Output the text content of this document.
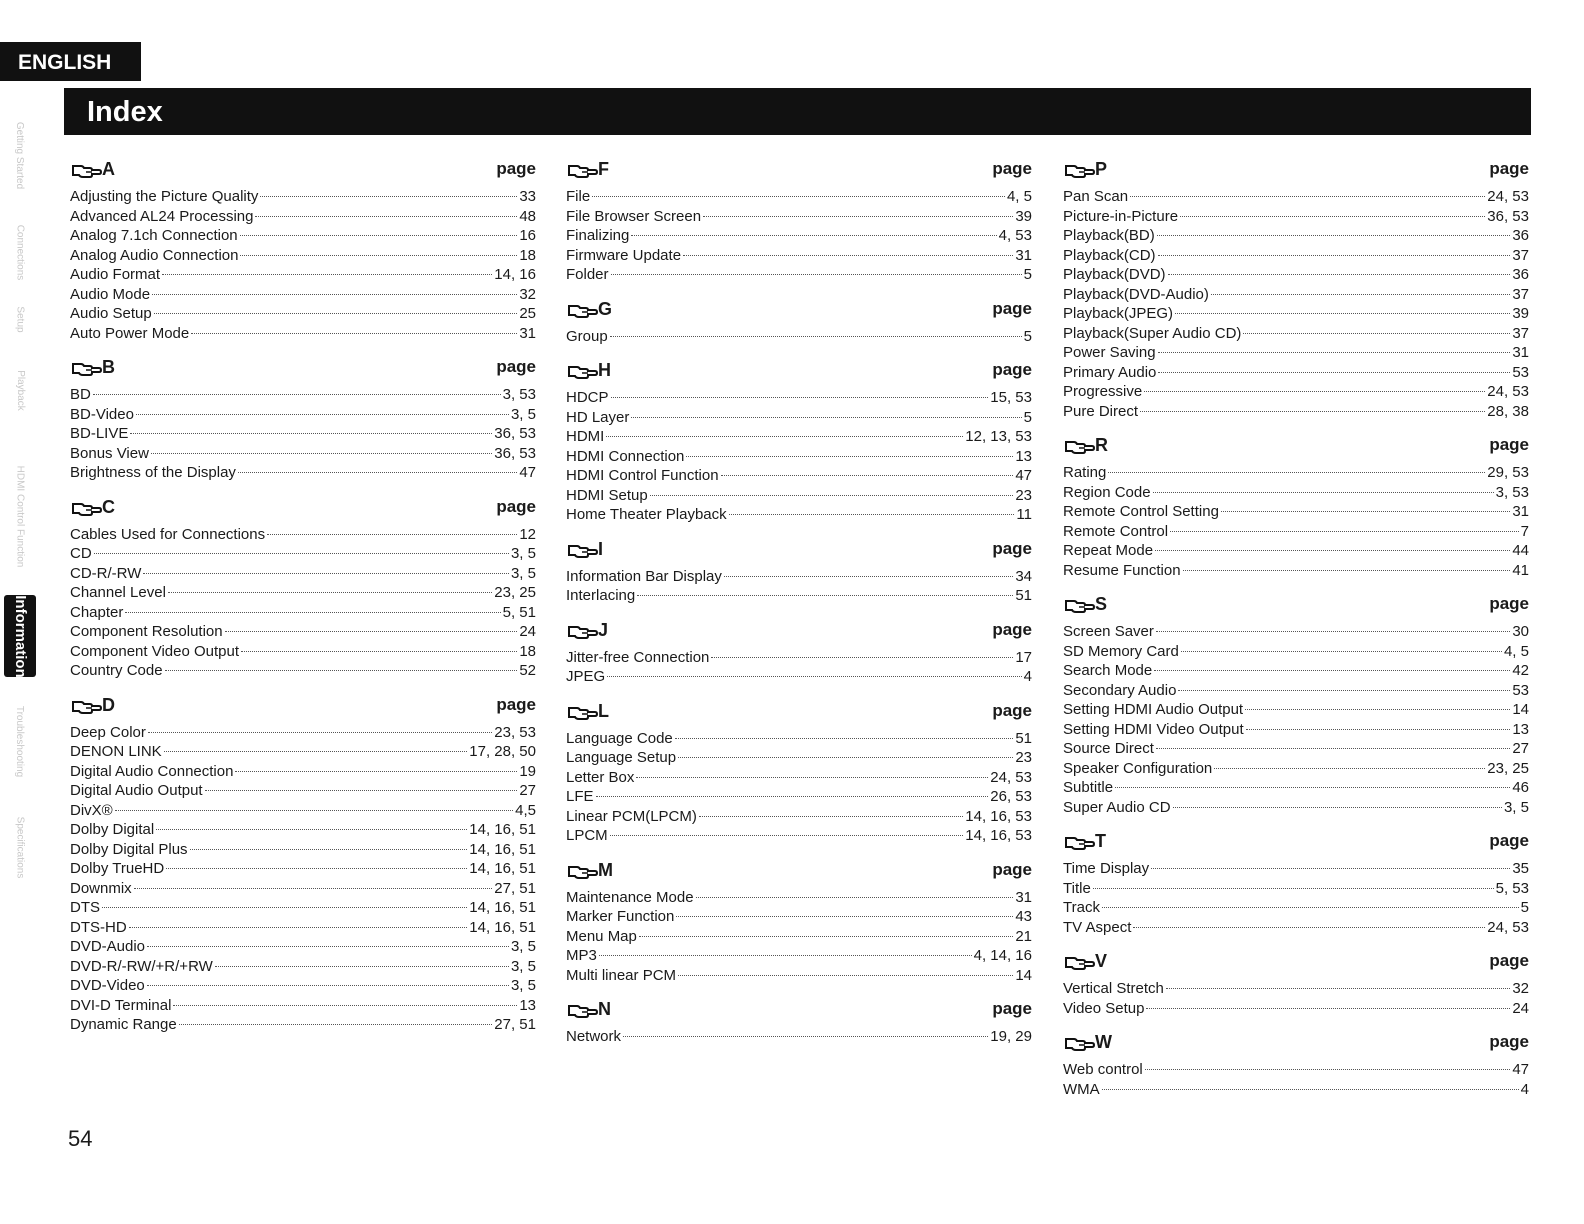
ENGLISH
Index
Getting Started
Connections
Setup
Playback
HDMI Control Function
Information
Troubleshooting
Specifications
A	page
Adjusting the Picture Quality	33
Advanced AL24 Processing	48
Analog 7.1ch Connection	16
Analog Audio Connection	18
Audio Format	14, 16
Audio Mode	32
Audio Setup	25
Auto Power Mode	31
B	page
BD	3, 53
BD-Video	3, 5
BD-LIVE	36, 53
Bonus View	36, 53
Brightness of the Display	47
C	page
Cables Used for Connections	12
CD	3, 5
CD-R/-RW	3, 5
Channel Level	23, 25
Chapter	5, 51
Component Resolution	24
Component Video Output	18
Country Code	52
D	page
Deep Color	23, 53
DENON LINK	17, 28, 50
Digital Audio Connection	19
Digital Audio Output	27
DivX®	4,5
Dolby Digital	14, 16, 51
Dolby Digital Plus	14, 16, 51
Dolby TrueHD	14, 16, 51
Downmix	27, 51
DTS	14, 16, 51
DTS-HD	14, 16, 51
DVD-Audio	3, 5
DVD-R/-RW/+R/+RW	3, 5
DVD-Video	3, 5
DVI-D Terminal	13
Dynamic Range	27, 51
F	page
File	4, 5
File Browser Screen	39
Finalizing	4, 53
Firmware Update	31
Folder	5
G	page
Group	5
H	page
HDCP	15, 53
HD Layer	5
HDMI	12, 13, 53
HDMI Connection	13
HDMI Control Function	47
HDMI Setup	23
Home Theater Playback	11
I	page
Information Bar Display	34
Interlacing	51
J	page
Jitter-free Connection	17
JPEG	4
L	page
Language Code	51
Language Setup	23
Letter Box	24, 53
LFE	26, 53
Linear PCM(LPCM)	14, 16, 53
LPCM	14, 16, 53
M	page
Maintenance Mode	31
Marker Function	43
Menu Map	21
MP3	4, 14, 16
Multi linear PCM	14
N	page
Network	19, 29
P	page
Pan Scan	24, 53
Picture-in-Picture	36, 53
Playback(BD)	36
Playback(CD)	37
Playback(DVD)	36
Playback(DVD-Audio)	37
Playback(JPEG)	39
Playback(Super Audio CD)	37
Power Saving	31
Primary Audio	53
Progressive	24, 53
Pure Direct	28, 38
R	page
Rating	29, 53
Region Code	3, 53
Remote Control Setting	31
Remote Control	7
Repeat Mode	44
Resume Function	41
S	page
Screen Saver	30
SD Memory Card	4, 5
Search Mode	42
Secondary Audio	53
Setting HDMI Audio Output	14
Setting HDMI Video Output	13
Source Direct	27
Speaker Configuration	23, 25
Subtitle	46
Super Audio CD	3, 5
T	page
Time Display	35
Title	5, 53
Track	5
TV Aspect	24, 53
V	page
Vertical Stretch	32
Video Setup	24
W	page
Web control	47
WMA	4
54
